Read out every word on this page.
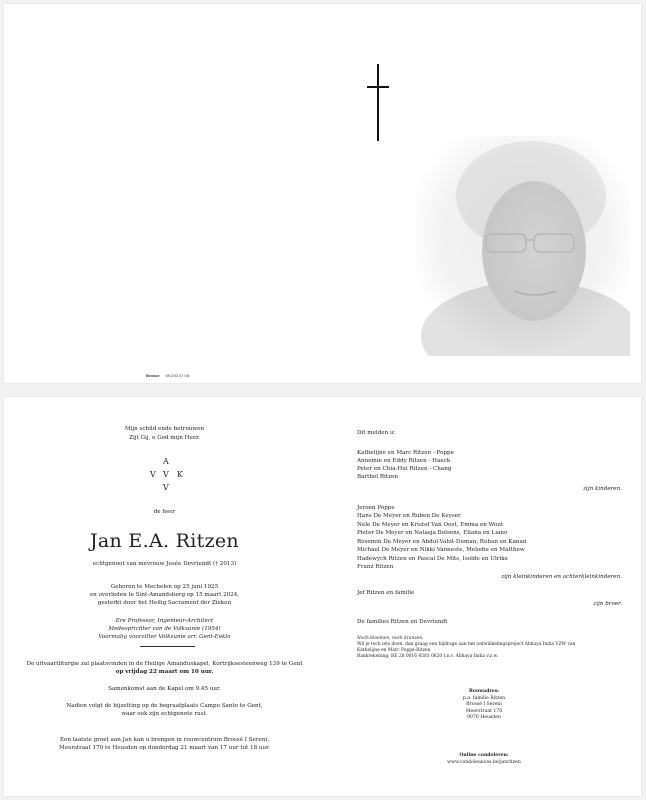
Brossé 09 230 07 08
Mijn schild ende betrouwen
Zijt Gij, o God mijn Heer.
A
V V K
V
de heer
Jan E.A. Ritzen
echtgenoot van mevrouw Josée Devriendt († 2013)
Geboren te Mechelen op 25 juni 1925
en overleden te Sint-Amandsberg op 15 maart 2024,
gesterkt door het Heilig Sacrament der Zieken
Ere Professor, Ingenieur-Architect
Medeoprichter van de Volksunie (1954)
Voormalig voorzitter Volksunie arr. Gent-Eeklo
De uitvaartliturgie zal plaatsvinden in de Heilige Amanduskapel, Kortrijksesteenweg 139 te Gent
op vrijdag 22 maart om 10 uur.
Samenkomst aan de Kapel om 9.45 uur.
Nadien volgt de bijzetting op de begraafplaats Campo Santo te Gent,
waar ook zijn echtgenote rust.
Een laatste groet aan Jan kan u brengen in rouwcentrum Brossé I Sereni,
Meerstraat 170 te Heusden op donderdag 21 maart van 17 uur tot 18 uur.
Dit melden u:
Kathelijne en Marc Ritzen - Poppe
Annemie en Eddy Ritzen - Haeck
Peter en Chia-Hui Ritzen - Chang
Barthel Ritzen
zijn kinderen.
Jeroen Poppe
Hans De Meyer en Ruben De Keyser
Nele De Meyer en Kristof Van Oost, Emma en Wout
Pieter De Meyer en Natasja Bolsens, Eliana en Liano
Rosemin De Meyer en Abdul-Vahit-Duman, Rohan en Kanan
Michael De Meyer en Nikki Vanneste, Melodie en Matthew
Hadewych Ritzen en Pascal De Mits, Isolde en Ulrike
Franz Ritzen
zijn kleinkinderen en achterkleinkinderen.
Jef Ritzen en familie
zijn broer.
De families Ritzen en Devriendt
Noch bloemen, noch kransen.
Wil je toch iets doen, dan graag een bijdrage aan het ontwikkelingsproject Abhaya India VZW van
Kathelijne en Marc Poppe-Ritzen
Bankrekening: BE 28 0016 4583 0620 t.n.v. Abhaya India v.z.w.
Rouwadres:
p.a. familie Ritzen
Brossé I Sereni
Meerstraat 170
9070 Heusden
Online condoleren:
www.condoleances.be/janritzen
